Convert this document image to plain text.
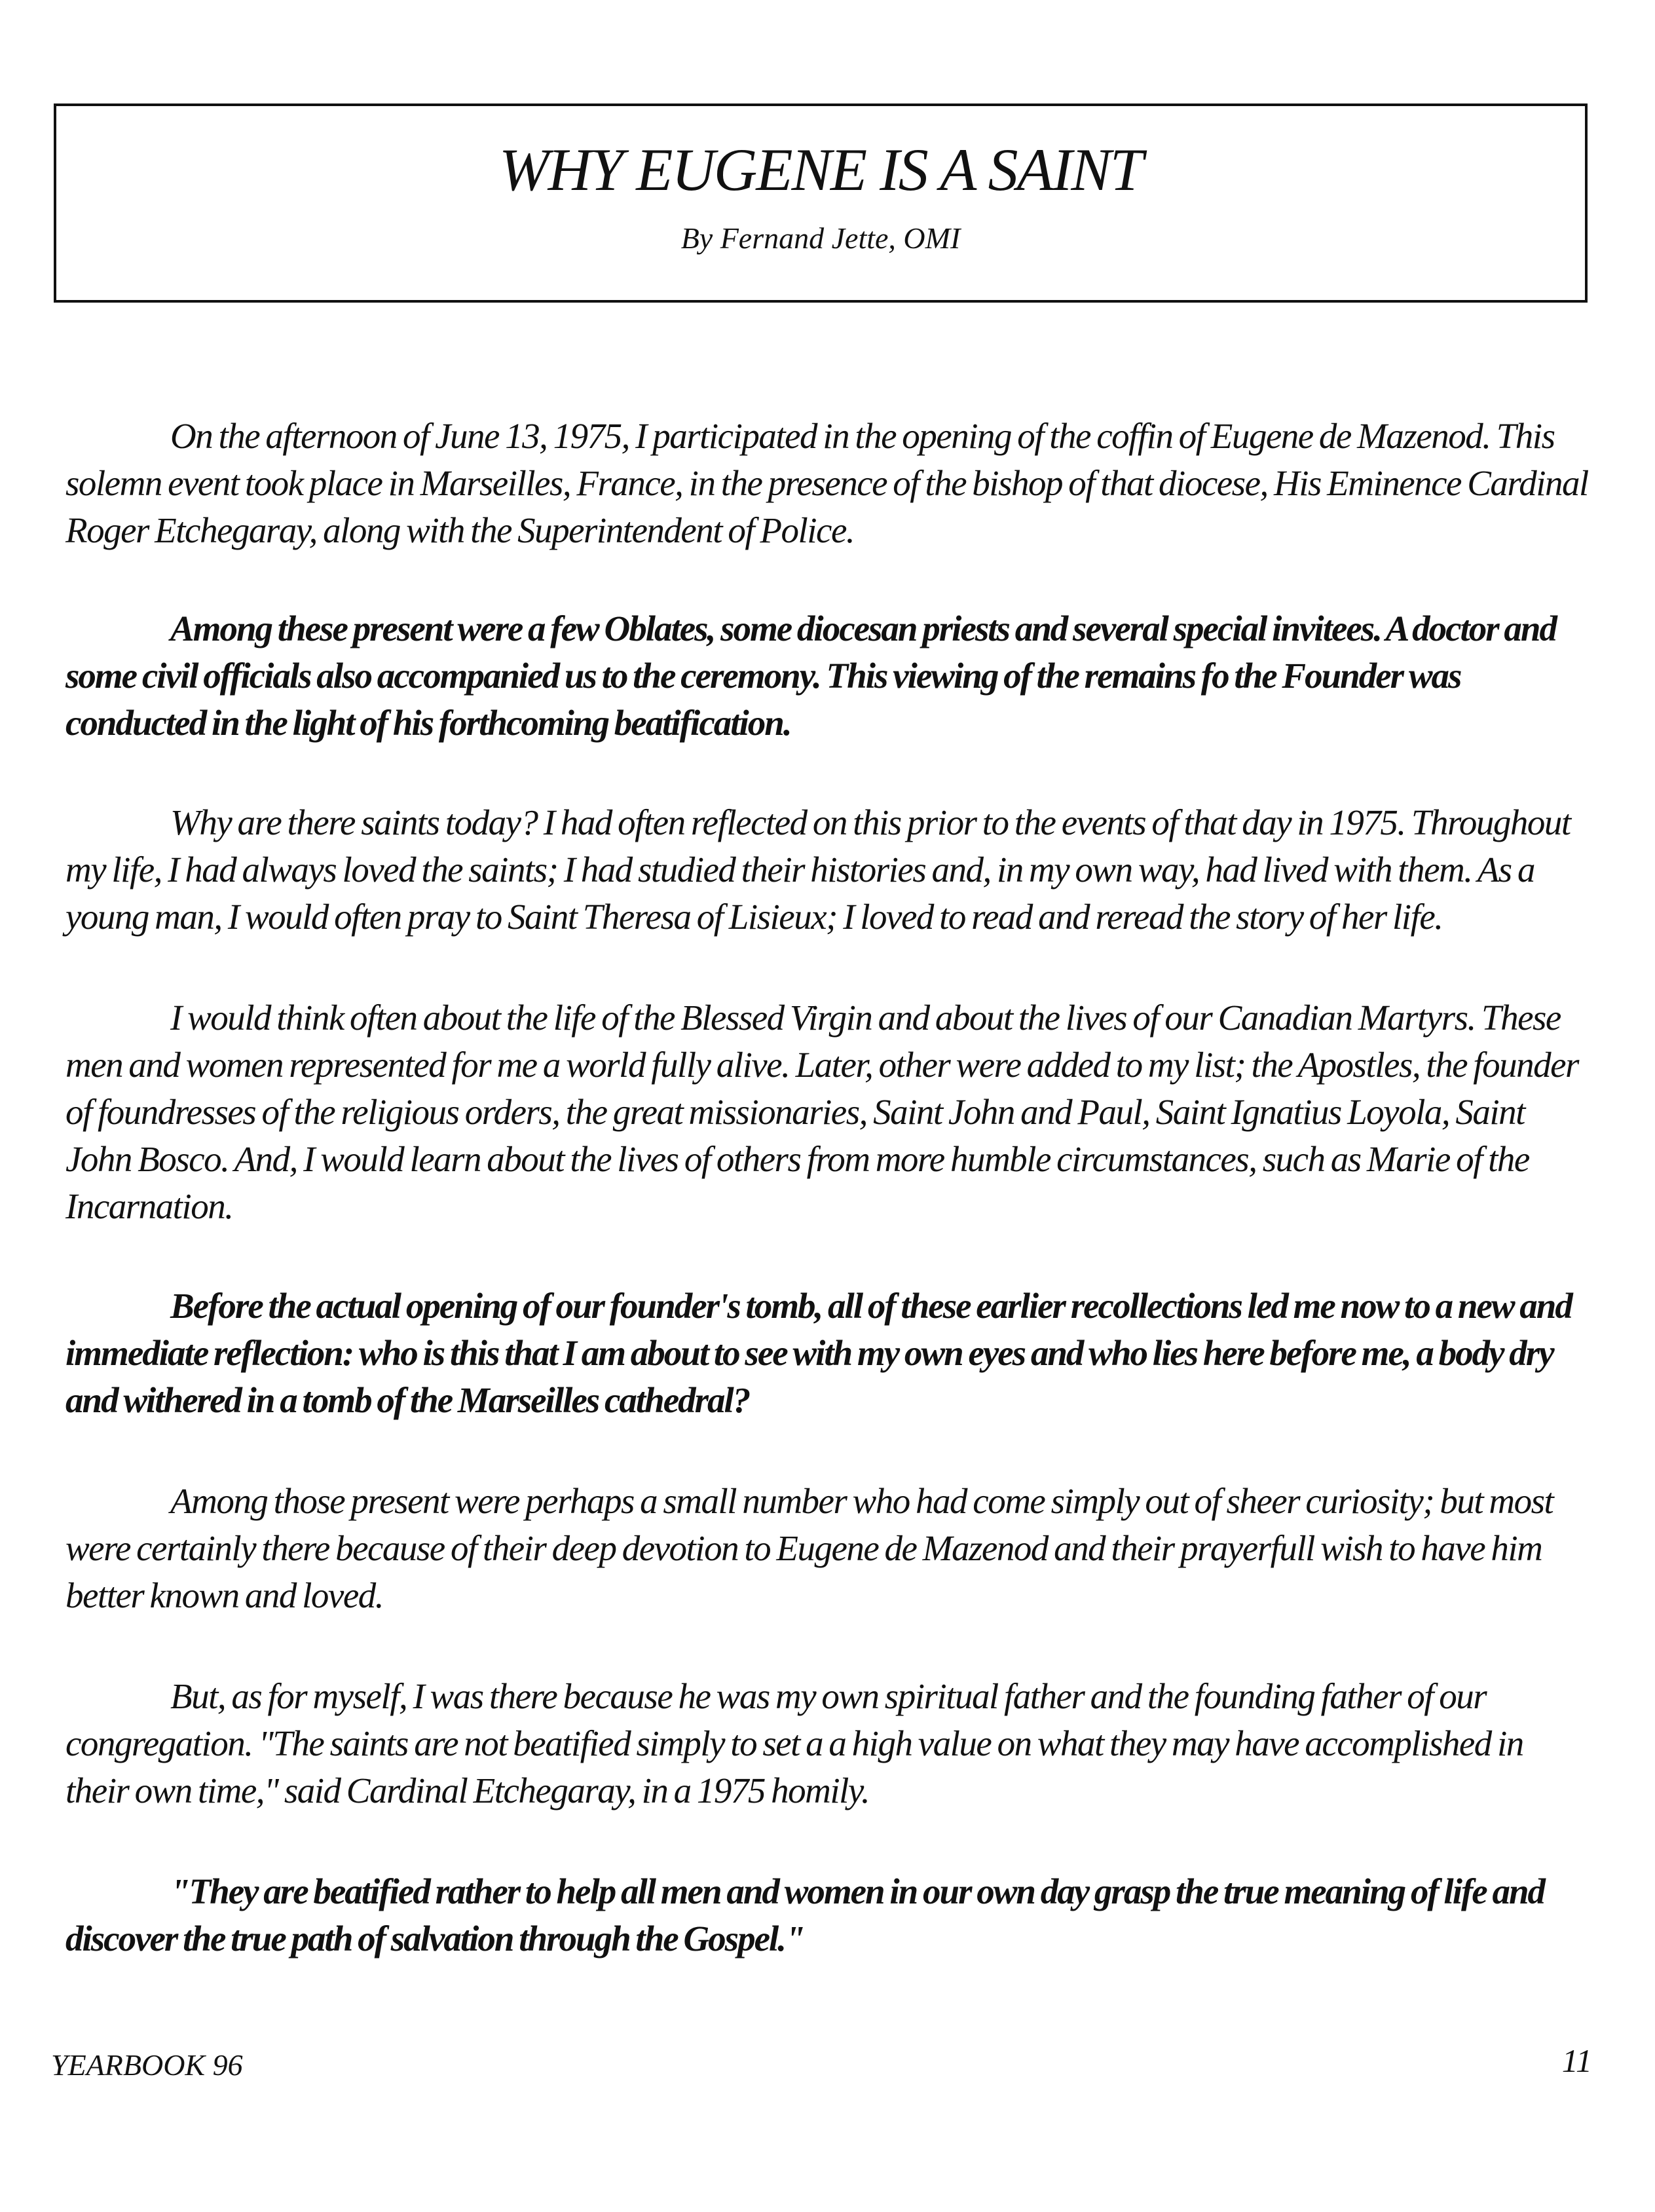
WHY EUGENE IS A SAINT
By Fernand Jette, OMI

On the afternoon of June 13, 1975, I participated in the opening of the coffin of Eugene de Mazenod. This solemn event took place in Marseilles, France, in the presence of the bishop of that diocese, His Eminence Cardinal Roger Etchegaray, along with the Superintendent of Police.

Among these present were a few Oblates, some diocesan priests and several special invitees. A doctor and some civil officials also accompanied us to the ceremony. This viewing of the remains fo the Founder was conducted in the light of his forthcoming beatification.

Why are there saints today? I had often reflected on this prior to the events of that day in 1975. Throughout my life, I had always loved the saints; I had studied their histories and, in my own way, had lived with them. As a young man, I would often pray to Saint Theresa of Lisieux; I loved to read and reread the story of her life.

I would think often about the life of the Blessed Virgin and about the lives of our Canadian Martyrs. These men and women represented for me a world fully alive. Later, other were added to my list; the Apostles, the founder of foundresses of the religious orders, the great missionaries, Saint John and Paul, Saint Ignatius Loyola, Saint John Bosco. And, I would learn about the lives of others from more humble circumstances, such as Marie of the Incarnation.

Before the actual opening of our founder's tomb, all of these earlier recollections led me now to a new and immediate reflection: who is this that I am about to see with my own eyes and who lies here before me, a body dry and withered in a tomb of the Marseilles cathedral?

Among those present were perhaps a small number who had come simply out of sheer curiosity; but most were certainly there because of their deep devotion to Eugene de Mazenod and their prayerfull wish to have him better known and loved.

But, as for myself, I was there because he was my own spiritual father and the founding father of our congregation. "The saints are not beatified simply to set a a high value on what they may have accomplished in their own time," said Cardinal Etchegaray, in a 1975 homily.

"They are beatified rather to help all men and women in our own day grasp the true meaning of life and discover the true path of salvation through the Gospel."

YEARBOOK 96	11
